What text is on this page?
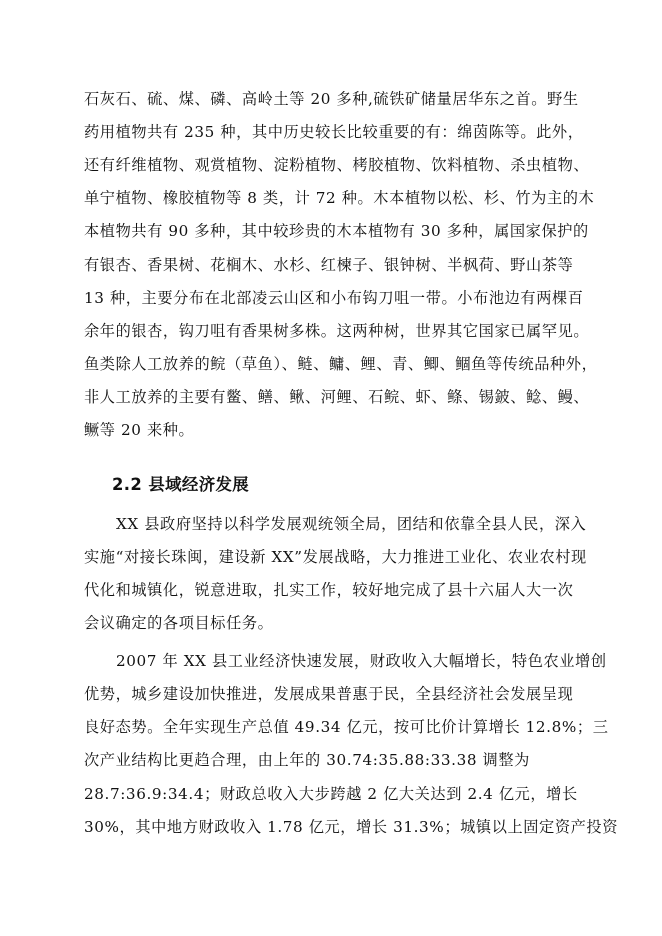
石灰石、硫、煤、磷、高岭土等 20 多种,硫铁矿储量居华东之首。野生
药用植物共有 235 种，其中历史较长比较重要的有：绵茵陈等。此外，
还有纤维植物、观赏植物、淀粉植物、栲胶植物、饮料植物、杀虫植物、
单宁植物、橡胶植物等 8 类，计 72 种。木本植物以松、杉、竹为主的木
本植物共有 90 多种，其中较珍贵的木本植物有 30 多种，属国家保护的
有银杏、香果树、花榈木、水杉、红楝子、银钟树、半枫荷、野山茶等
13 种，主要分布在北部凌云山区和小布钩刀咀一带。小布池边有两棵百
余年的银杏，钩刀咀有香果树多株。这两种树，世界其它国家已属罕见。
鱼类除人工放养的鲩（草鱼）、鲢、鳙、鲤、青、鲫、鲴鱼等传统品种外，
非人工放养的主要有鳖、鳝、鳅、河鲤、石鲩、虾、鲦、锡鈹、鲶、鳗、
鳜等 20 来种。
2.2 县域经济发展
XX 县政府坚持以科学发展观统领全局，团结和依靠全县人民，深入
实施“对接长珠闽，建设新 XX”发展战略，大力推进工业化、农业农村现
代化和城镇化，锐意进取，扎实工作，较好地完成了县十六届人大一次
会议确定的各项目标任务。
2007 年 XX 县工业经济快速发展，财政收入大幅增长，特色农业增创
优势，城乡建设加快推进，发展成果普惠于民，全县经济社会发展呈现
良好态势。全年实现生产总值 49.34 亿元，按可比价计算增长 12.8%；三
次产业结构比更趋合理，由上年的 30.74:35.88:33.38 调整为
28.7:36.9:34.4；财政总收入大步跨越 2 亿大关达到 2.4 亿元，增长
30%，其中地方财政收入 1.78 亿元，增长 31.3%；城镇以上固定资产投资
